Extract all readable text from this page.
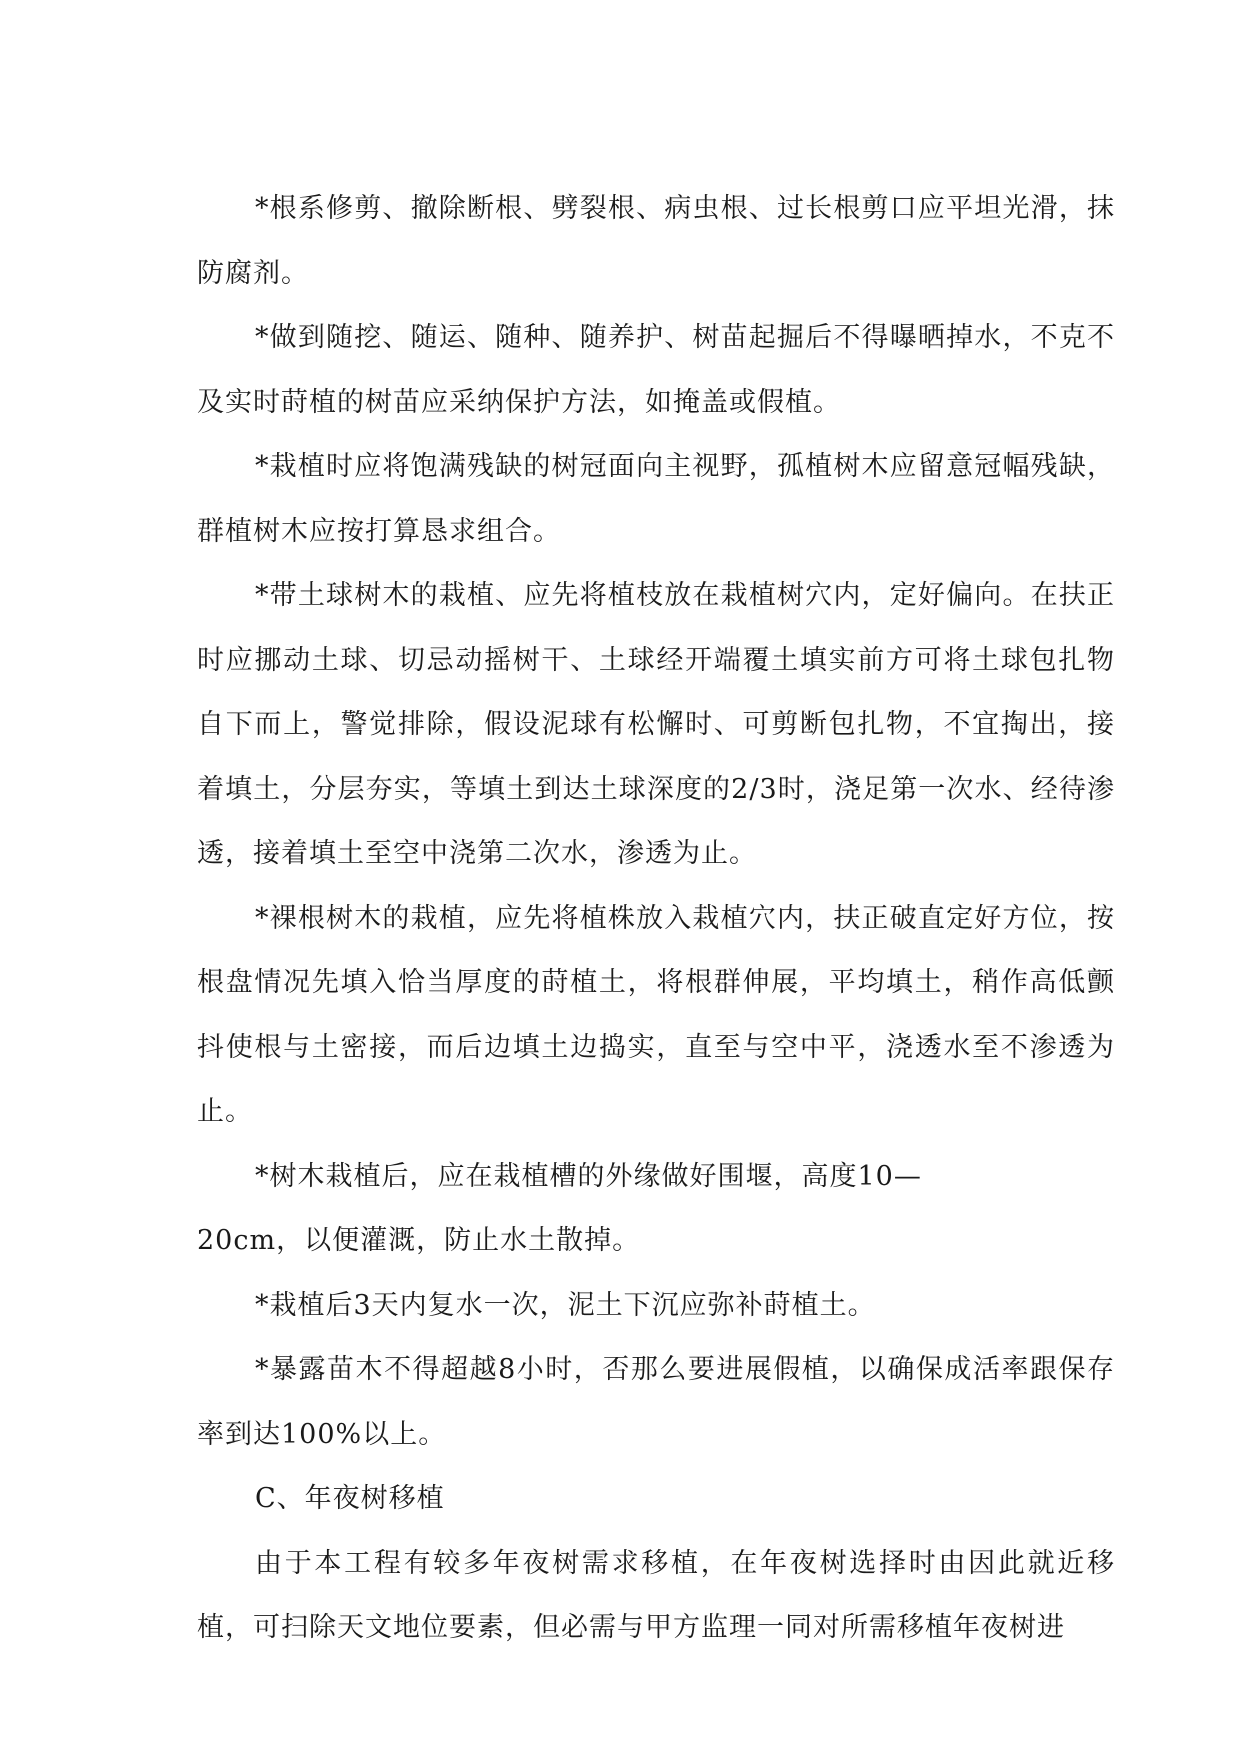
*根系修剪、撤除断根、劈裂根、病虫根、过长根剪口应平坦光滑，抹防腐剂。

*做到随挖、随运、随种、随养护、树苗起掘后不得曝晒掉水，不克不及实时莳植的树苗应采纳保护方法，如掩盖或假植。

*栽植时应将饱满残缺的树冠面向主视野，孤植树木应留意冠幅残缺，群植树木应按打算恳求组合。

*带土球树木的栽植、应先将植枝放在栽植树穴内，定好偏向。在扶正时应挪动土球、切忌动摇树干、土球经开端覆土填实前方可将土球包扎物自下而上，警觉排除，假设泥球有松懈时、可剪断包扎物，不宜掏出，接着填土，分层夯实，等填土到达土球深度的2/3时，浇足第一次水、经待渗透，接着填土至空中浇第二次水，渗透为止。

*裸根树木的栽植，应先将植株放入栽植穴内，扶正破直定好方位，按根盘情况先填入恰当厚度的莳植土，将根群伸展，平均填土，稍作高低颤抖使根与土密接，而后边填土边捣实，直至与空中平，浇透水至不渗透为止。

*树木栽植后，应在栽植槽的外缘做好围堰，高度10—

20cm，以便灌溉，防止水土散掉。

*栽植后3天内复水一次，泥土下沉应弥补莳植土。

*暴露苗木不得超越8小时，否那么要进展假植，以确保成活率跟保存率到达100%以上。

C、年夜树移植

由于本工程有较多年夜树需求移植，在年夜树选择时由因此就近移植，可扫除天文地位要素，但必需与甲方监理一同对所需移植年夜树进
